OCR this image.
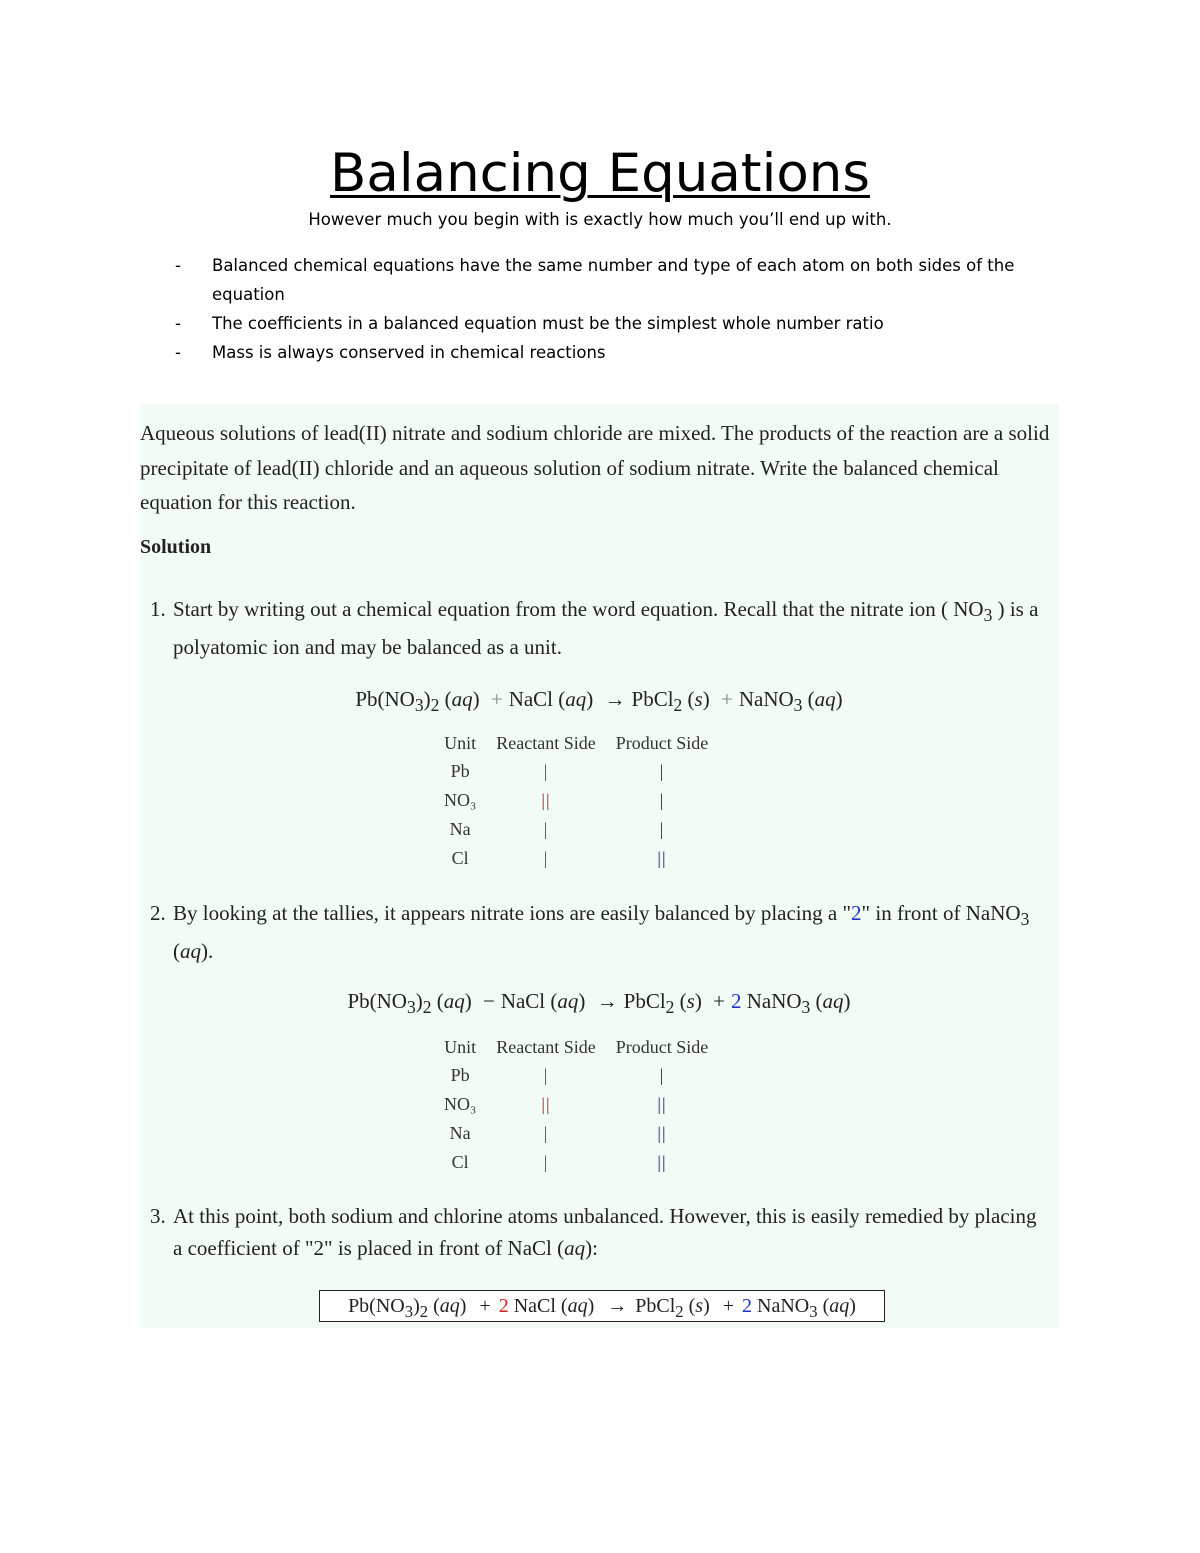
Balancing Equations
However much you begin with is exactly how much you’ll end up with.
- Balanced chemical equations have the same number and type of each atom on both sides of the equation
- The coefficients in a balanced equation must be the simplest whole number ratio
- Mass is always conserved in chemical reactions

Aqueous solutions of lead(II) nitrate and sodium chloride are mixed. The products of the reaction are a solid precipitate of lead(II) chloride and an aqueous solution of sodium nitrate. Write the balanced chemical equation for this reaction.

Solution

1. Start by writing out a chemical equation from the word equation. Recall that the nitrate ion ( $NO_3$ ) is a polyatomic ion and may be balanced as a unit.
$Pb(NO_3)_2$ (aq) + NaCl (aq) → PbCl$_2$ (s) + NaNO$_3$ (aq)
Unit	Reactant Side	Product Side
Pb	|	|
NO₃	||	|
Na	|	|
Cl	|	||
2. By looking at the tallies, it appears nitrate ions are easily balanced by placing a "2" in front of NaNO$_3$ (aq).
$Pb(NO_3)_2$ (aq) − NaCl (aq) → PbCl$_2$ (s) + 2 NaNO$_3$ (aq)
Unit	Reactant Side	Product Side
Pb	|	|
NO₃	||	||
Na	|	||
Cl	|	||
3. At this point, both sodium and chlorine atoms unbalanced. However, this is easily remedied by placing a coefficient of "2" is placed in front of NaCl (aq):
$Pb(NO_3)_2$ (aq) + 2 NaCl (aq) → PbCl$_2$ (s) + 2 NaNO$_3$ (aq)
